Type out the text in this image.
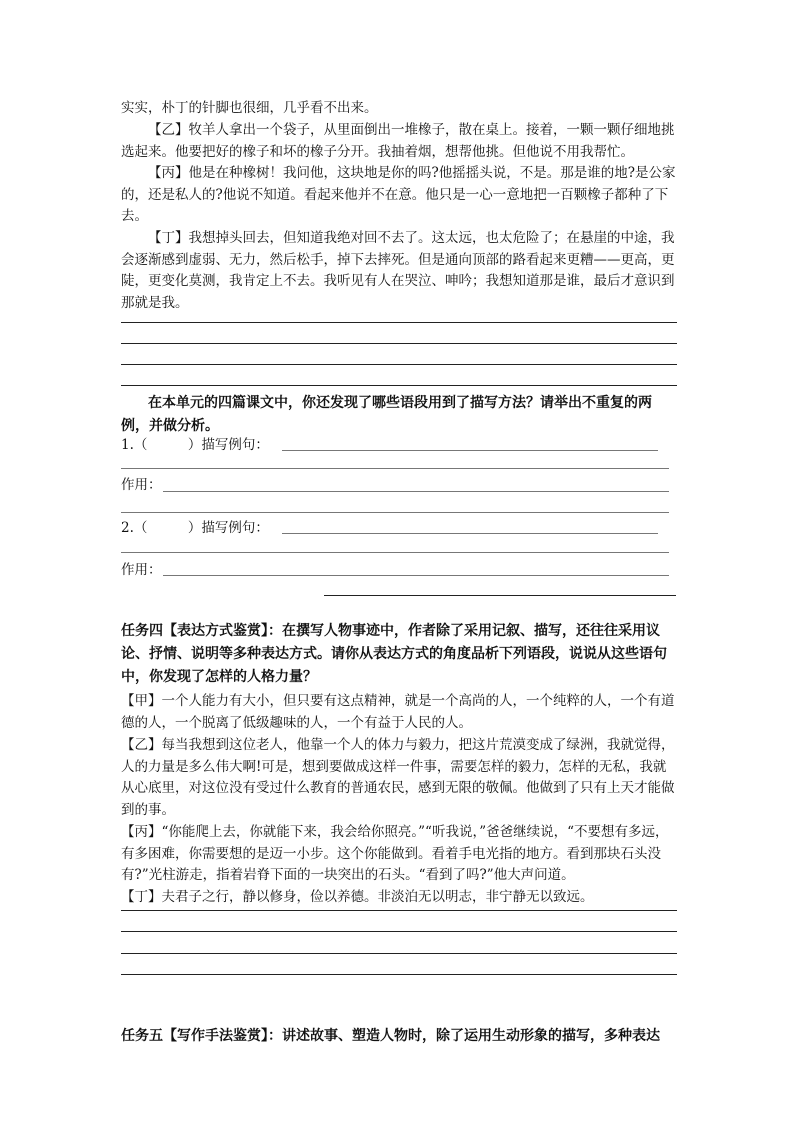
实实，朴丁的针脚也很细，几乎看不出来。

【乙】牧羊人拿出一个袋子，从里面倒出一堆橡子，散在桌上。接着，一颗一颗仔细地挑选起来。他要把好的橡子和坏的橡子分开。我抽着烟，想帮他挑。但他说不用我帮忙。

【丙】他是在种橡树！我问他，这块地是你的吗?他摇摇头说，不是。那是谁的地?是公家的，还是私人的?他说不知道。看起来他并不在意。他只是一心一意地把一百颗橡子都种了下去。

【丁】我想掉头回去，但知道我绝对回不去了。这太远，也太危险了；在悬崖的中途，我会逐渐感到虚弱、无力，然后松手，掉下去摔死。但是通向顶部的路看起来更糟——更高，更陡，更变化莫测，我肯定上不去。我听见有人在哭泣、呻吟；我想知道那是谁，最后才意识到那就是我。

在本单元的四篇课文中，你还发现了哪些语段用到了描写方法？请举出不重复的两例，并做分析。

1.（　　　）描写例句：
作用：
2.（　　　）描写例句：
作用：

任务四【表达方式鉴赏】：在撰写人物事迹中，作者除了采用记叙、描写，还往往采用议论、抒情、说明等多种表达方式。请你从表达方式的角度品析下列语段，说说从这些语句中，你发现了怎样的人格力量？

【甲】一个人能力有大小，但只要有这点精神，就是一个高尚的人，一个纯粹的人，一个有道德的人，一个脱离了低级趣味的人，一个有益于人民的人。

【乙】每当我想到这位老人，他靠一个人的体力与毅力，把这片荒漠变成了绿洲，我就觉得，人的力量是多么伟大啊!可是，想到要做成这样一件事，需要怎样的毅力，怎样的无私，我就从心底里，对这位没有受过什么教育的普通农民，感到无限的敬佩。他做到了只有上天才能做到的事。

【丙】“你能爬上去，你就能下来，我会给你照亮。”“听我说，”爸爸继续说，“不要想有多远，有多困难，你需要想的是迈一小步。这个你能做到。看着手电光指的地方。看到那块石头没有?”光柱游走，指着岩脊下面的一块突出的石头。“看到了吗?”他大声问道。

【丁】夫君子之行，静以修身，俭以养德。非淡泊无以明志，非宁静无以致远。

任务五【写作手法鉴赏】：讲述故事、塑造人物时，除了运用生动形象的描写，多种表达
